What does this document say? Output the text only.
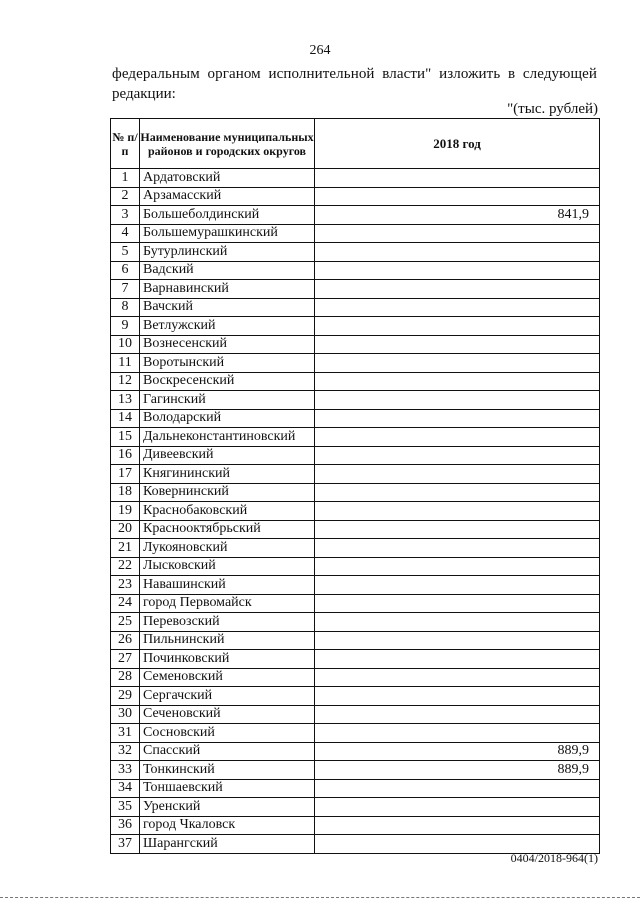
264
федеральным органом исполнительной власти" изложить в следующей
редакции:
"(тыс. рублей)
№ п/п	Наименование муниципальных районов и городских округов	2018 год
1	Ардатовский	
2	Арзамасский	
3	Большеболдинский	841,9
4	Большемурашкинский	
5	Бутурлинский	
6	Вадский	
7	Варнавинский	
8	Вачский	
9	Ветлужский	
10	Вознесенский	
11	Воротынский	
12	Воскресенский	
13	Гагинский	
14	Володарский	
15	Дальнеконстантиновский	
16	Дивеевский	
17	Княгининский	
18	Ковернинский	
19	Краснобаковский	
20	Краснооктябрьский	
21	Лукояновский	
22	Лысковский	
23	Навашинский	
24	город Первомайск	
25	Перевозский	
26	Пильнинский	
27	Починковский	
28	Семеновский	
29	Сергачский	
30	Сеченовский	
31	Сосновский	
32	Спасский	889,9
33	Тонкинский	889,9
34	Тоншаевский	
35	Уренский	
36	город Чкаловск	
37	Шарангский	
0404/2018-964(1)
